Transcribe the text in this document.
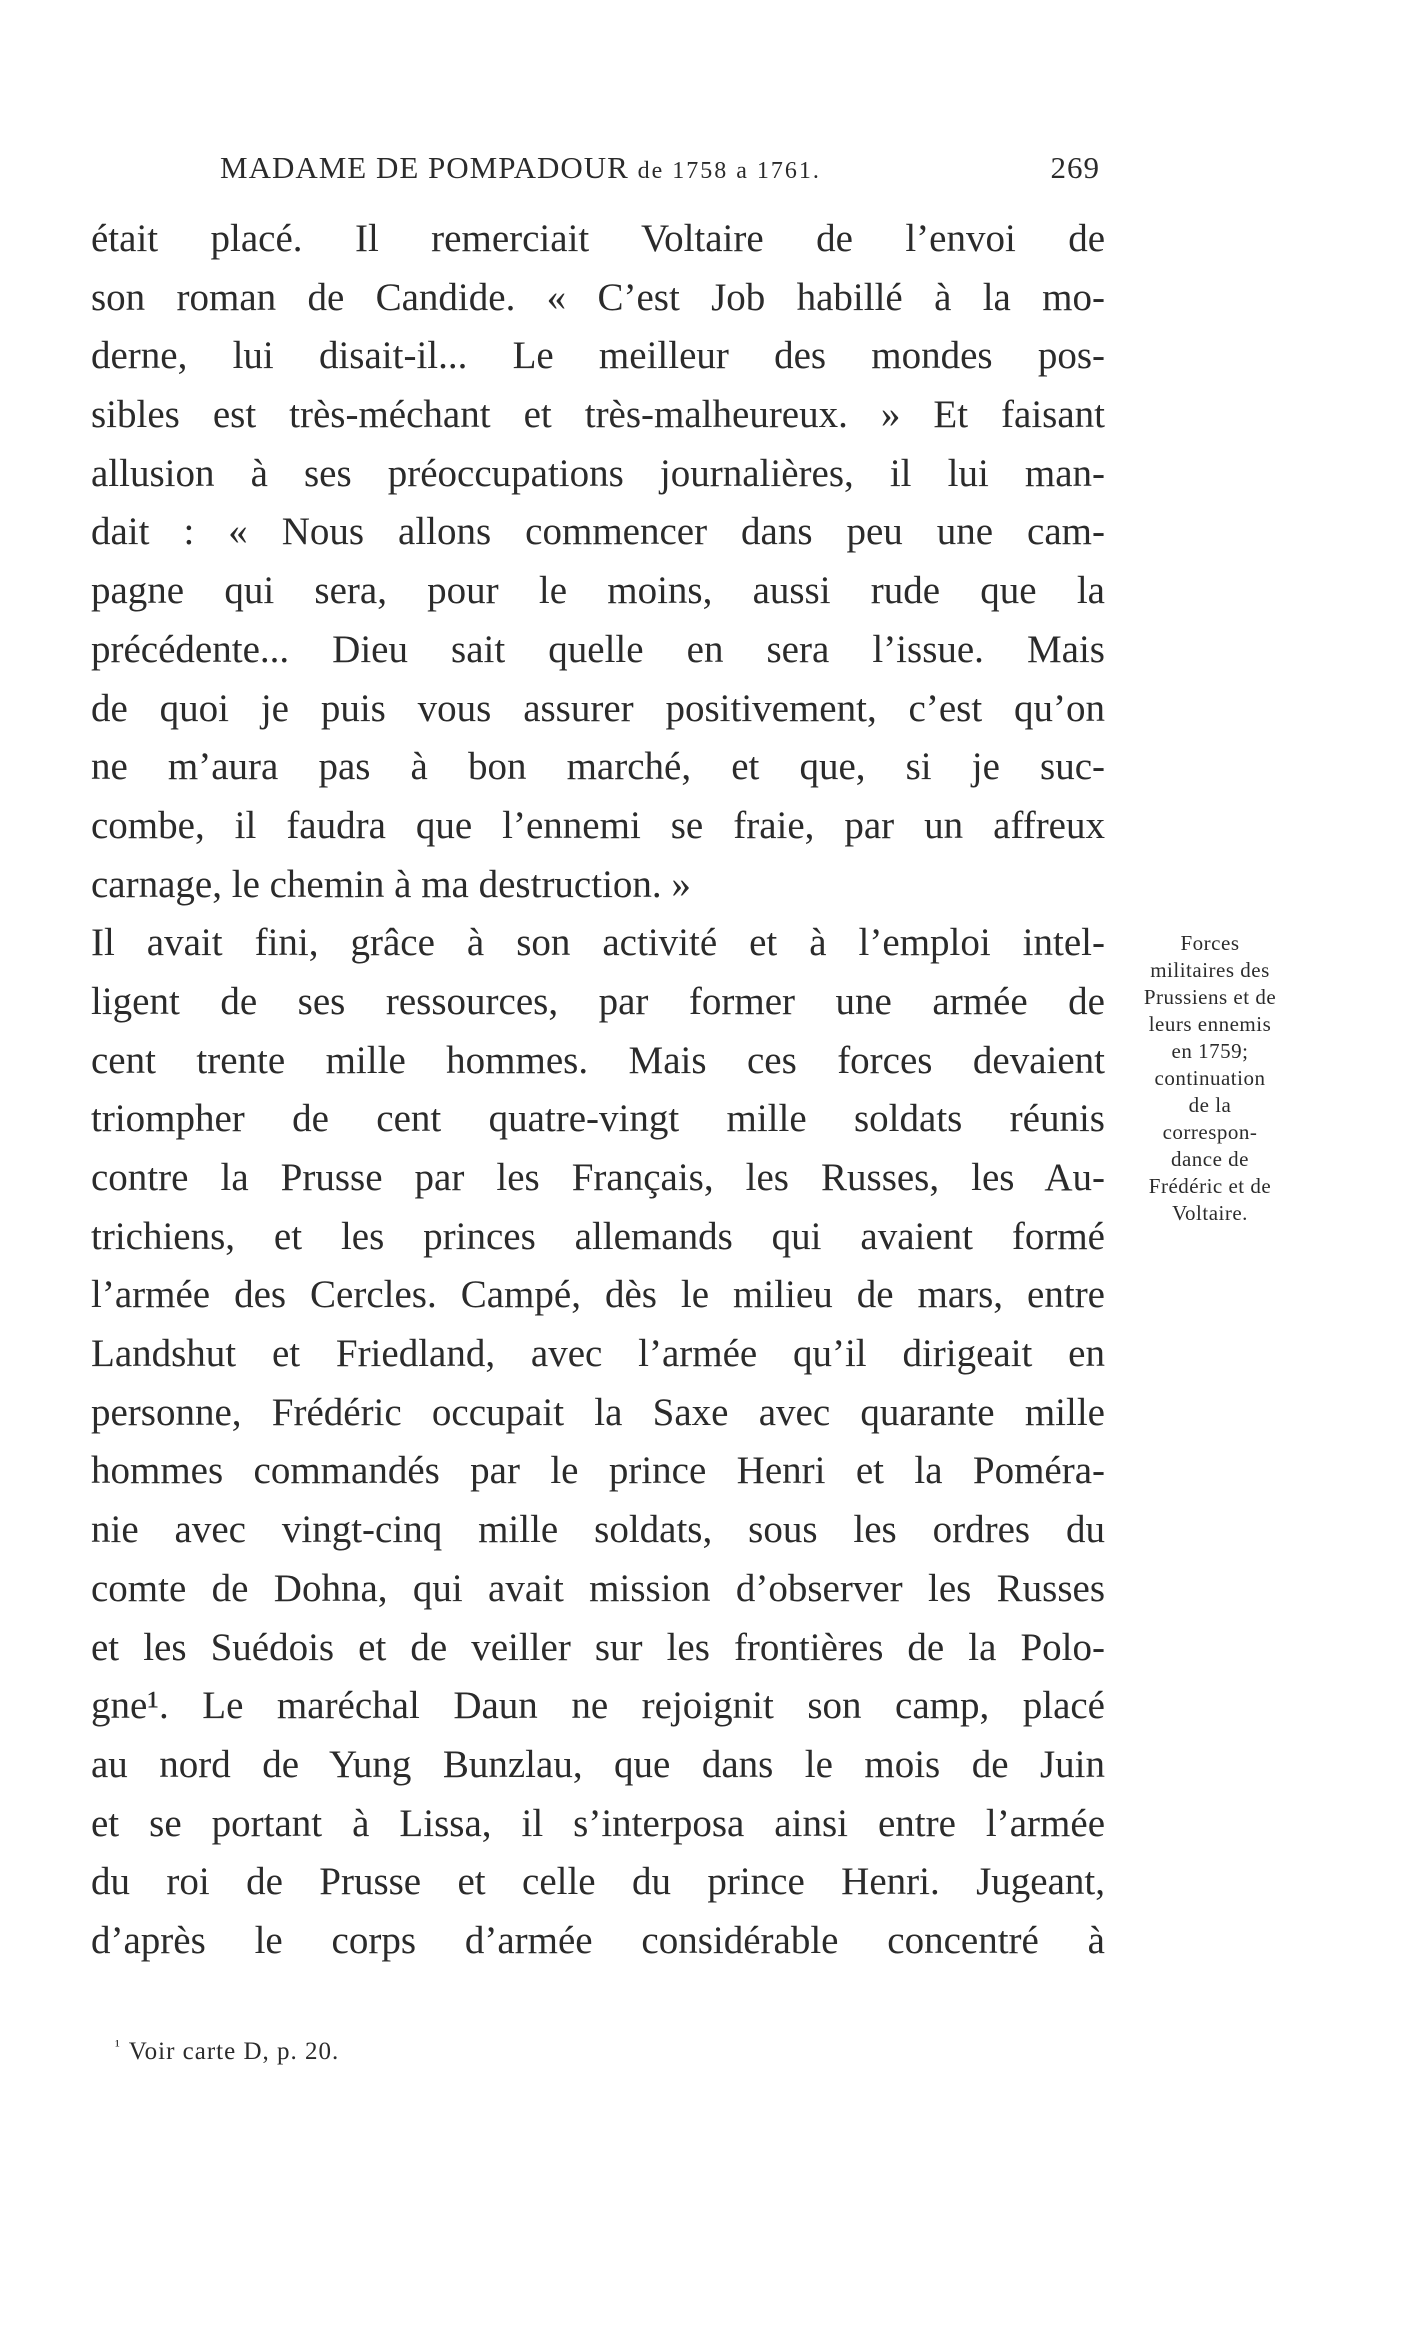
MADAME DE POMPADOUR de 1758 a 1761.	269
était placé. Il remerciait Voltaire de l’envoi de
son roman de Candide. « C’est Job habillé à la mo-
derne, lui disait-il... Le meilleur des mondes pos-
sibles est très-méchant et très-malheureux. » Et faisant
allusion à ses préoccupations journalières, il lui man-
dait : « Nous allons commencer dans peu une cam-
pagne qui sera, pour le moins, aussi rude que la
précédente... Dieu sait quelle en sera l’issue. Mais
de quoi je puis vous assurer positivement, c’est qu’on
ne m’aura pas à bon marché, et que, si je suc-
combe, il faudra que l’ennemi se fraie, par un affreux
carnage, le chemin à ma destruction. »
Il avait fini, grâce à son activité et à l’emploi intel-
ligent de ses ressources, par former une armée de
cent trente mille hommes. Mais ces forces devaient
triompher de cent quatre-vingt mille soldats réunis
contre la Prusse par les Français, les Russes, les Au-
trichiens, et les princes allemands qui avaient formé
l’armée des Cercles. Campé, dès le milieu de mars, entre
Landshut et Friedland, avec l’armée qu’il dirigeait en
personne, Frédéric occupait la Saxe avec quarante mille
hommes commandés par le prince Henri et la Poméra-
nie avec vingt-cinq mille soldats, sous les ordres du
comte de Dohna, qui avait mission d’observer les Russes
et les Suédois et de veiller sur les frontières de la Polo-
gne¹. Le maréchal Daun ne rejoignit son camp, placé
au nord de Yung Bunzlau, que dans le mois de Juin
et se portant à Lissa, il s’interposa ainsi entre l’armée
du roi de Prusse et celle du prince Henri. Jugeant,
d’après le corps d’armée considérable concentré à
Forces
militaires des
Prussiens et de
leurs ennemis
en 1759;
continuation
de la
correspon-
dance de
Frédéric et de
Voltaire.
$^{^1}$ Voir carte D, p. 20.
